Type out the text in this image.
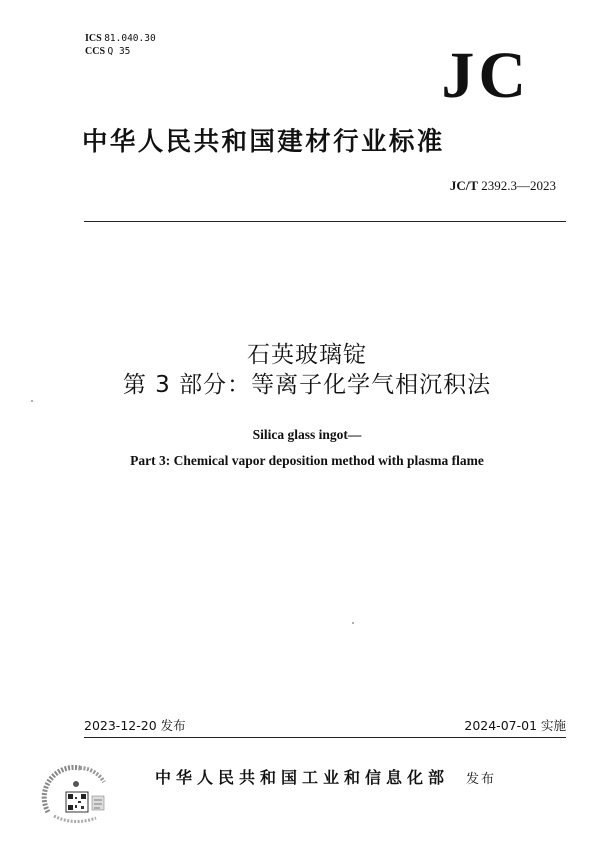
ICS 81.040.30
CCS Q 35	JC
中华人民共和国建材行业标准
JC/T 2392.3—2023
石英玻璃锭
第 3 部分：等离子化学气相沉积法
Silica glass ingot—
Part 3: Chemical vapor deposition method with plasma flame
2023-12-20 发布	2024-07-01 实施
中华人民共和国工业和信息化部 发布
